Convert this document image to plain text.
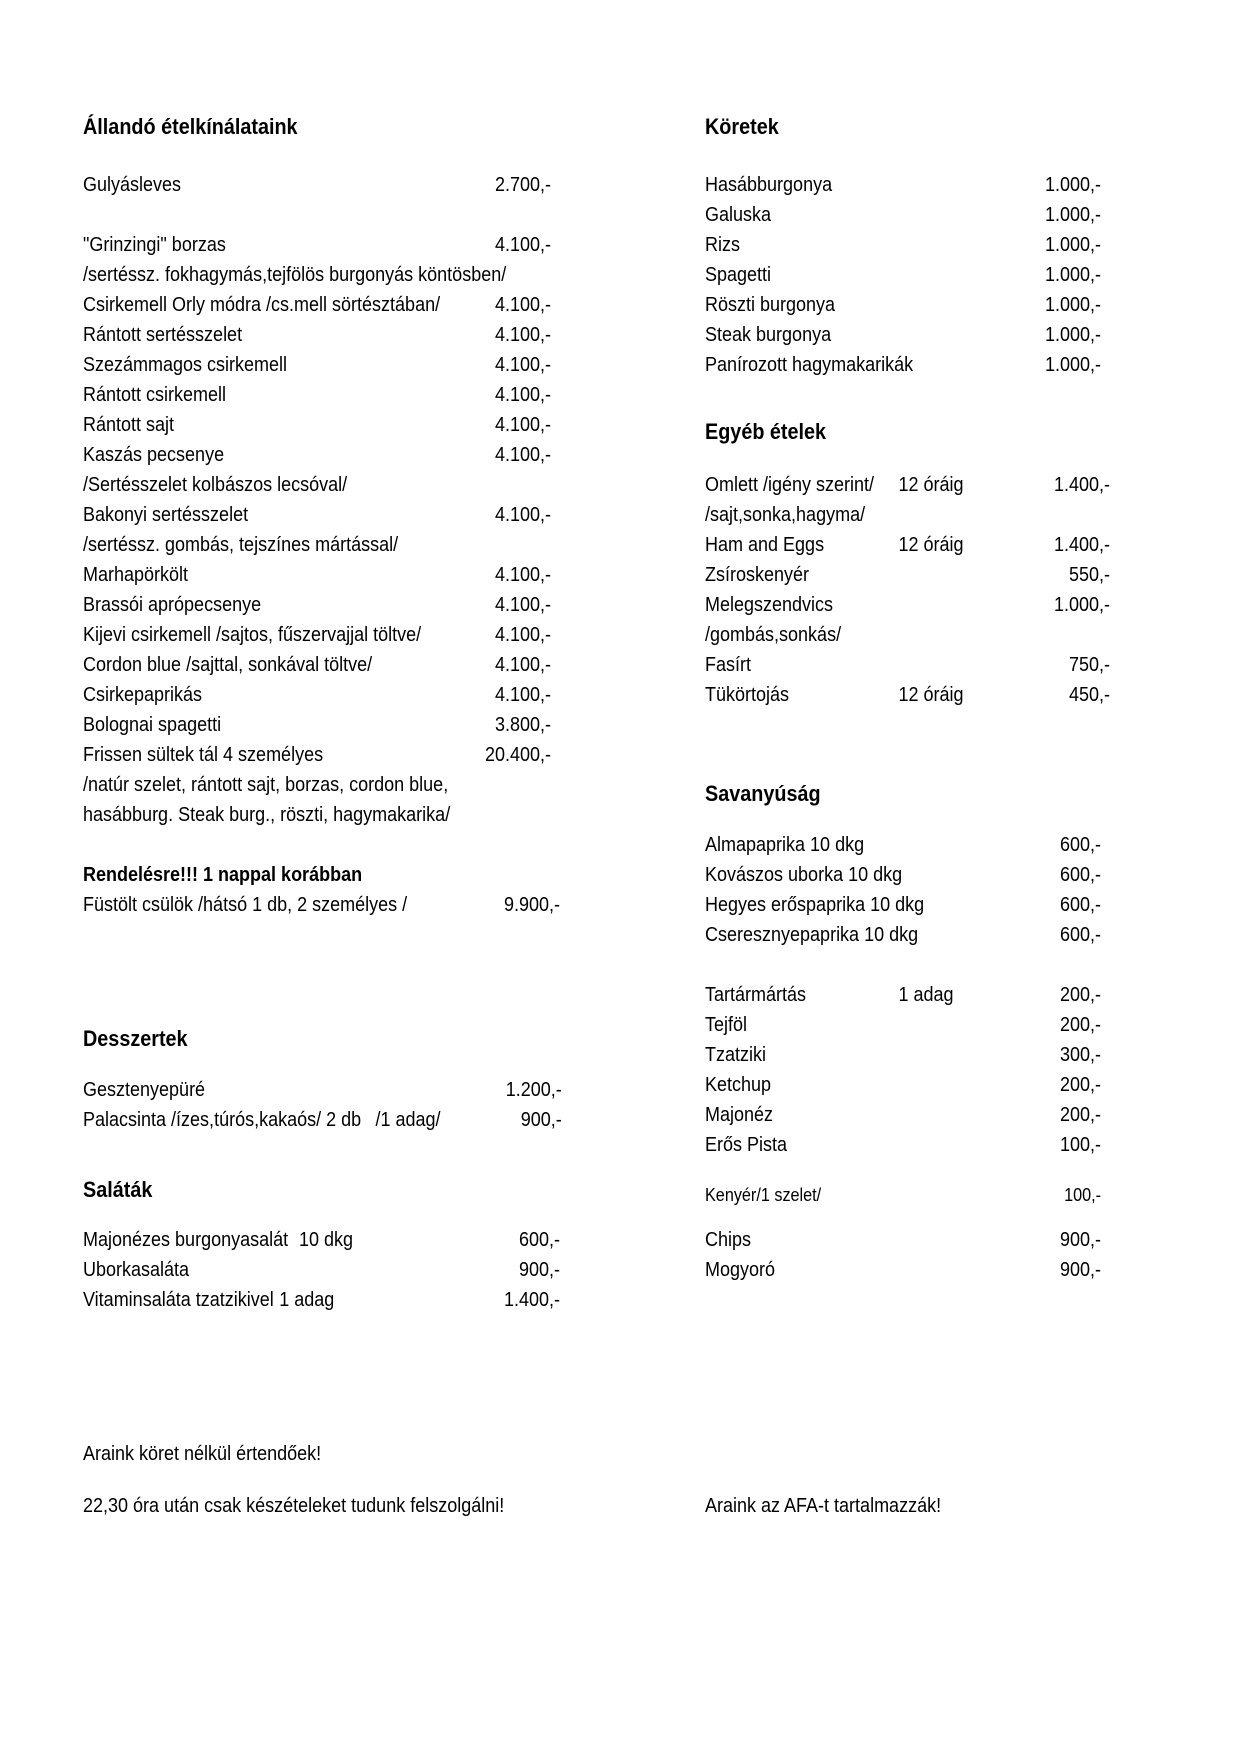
Állandó ételkínálataink
Gulyásleves	2.700,-
"Grinzingi" borzas	4.100,-
/sertéssz. fokhagymás,tejfölös burgonyás köntösben/
Csirkemell Orly módra /cs.mell sörtésztában/	4.100,-
Rántott sertésszelet	4.100,-
Szezámmagos csirkemell	4.100,-
Rántott csirkemell	4.100,-
Rántott sajt	4.100,-
Kaszás pecsenye	4.100,-
/Sertésszelet kolbászos lecsóval/
Bakonyi sertésszelet	4.100,-
/sertéssz. gombás, tejszínes mártással/
Marhapörkölt	4.100,-
Brassói aprópecsenye	4.100,-
Kijevi csirkemell /sajtos, fűszervajjal töltve/	4.100,-
Cordon blue /sajttal, sonkával töltve/	4.100,-
Csirkepaprikás	4.100,-
Bolognai spagetti	3.800,-
Frissen sültek tál 4 személyes	20.400,-
/natúr szelet, rántott sajt, borzas, cordon blue,
hasábburg. Steak burg., röszti, hagymakarika/
Rendelésre!!! 1 nappal korábban
Füstölt csülök /hátsó 1 db, 2 személyes /	9.900,-
Desszertek
Gesztenyepüré	1.200,-
Palacsinta /ízes,túrós,kakaós/ 2 db /1 adag/	900,-
Saláták
Majonézes burgonyasalát 10 dkg	600,-
Uborkasaláta	900,-
Vitaminsaláta tzatzikivel 1 adag	1.400,-
Araink köret nélkül értendőek!
22,30 óra után csak készételeket tudunk felszolgálni!
Köretek
Hasábburgonya	1.000,-
Galuska	1.000,-
Rizs	1.000,-
Spagetti	1.000,-
Röszti burgonya	1.000,-
Steak burgonya	1.000,-
Panírozott hagymakarikák	1.000,-
Egyéb ételek
Omlett /igény szerint/ 12 óráig	1.400,-
/sajt,sonka,hagyma/
Ham and Eggs	12 óráig	1.400,-
Zsíroskenyér	550,-
Melegszendvics	1.000,-
/gombás,sonkás/
Fasírt	750,-
Tükörtojás	12 óráig	450,-
Savanyúság
Almapaprika 10 dkg	600,-
Kovászos uborka 10 dkg	600,-
Hegyes erőspaprika 10 dkg	600,-
Cseresznyepaprika 10 dkg	600,-
Tartármártás	1 adag	200,-
Tejföl	200,-
Tzatziki	300,-
Ketchup	200,-
Majonéz	200,-
Erős Pista	100,-
Kenyér/1 szelet/	100,-
Chips	900,-
Mogyoró	900,-
Araink az AFA-t tartalmazzák!
